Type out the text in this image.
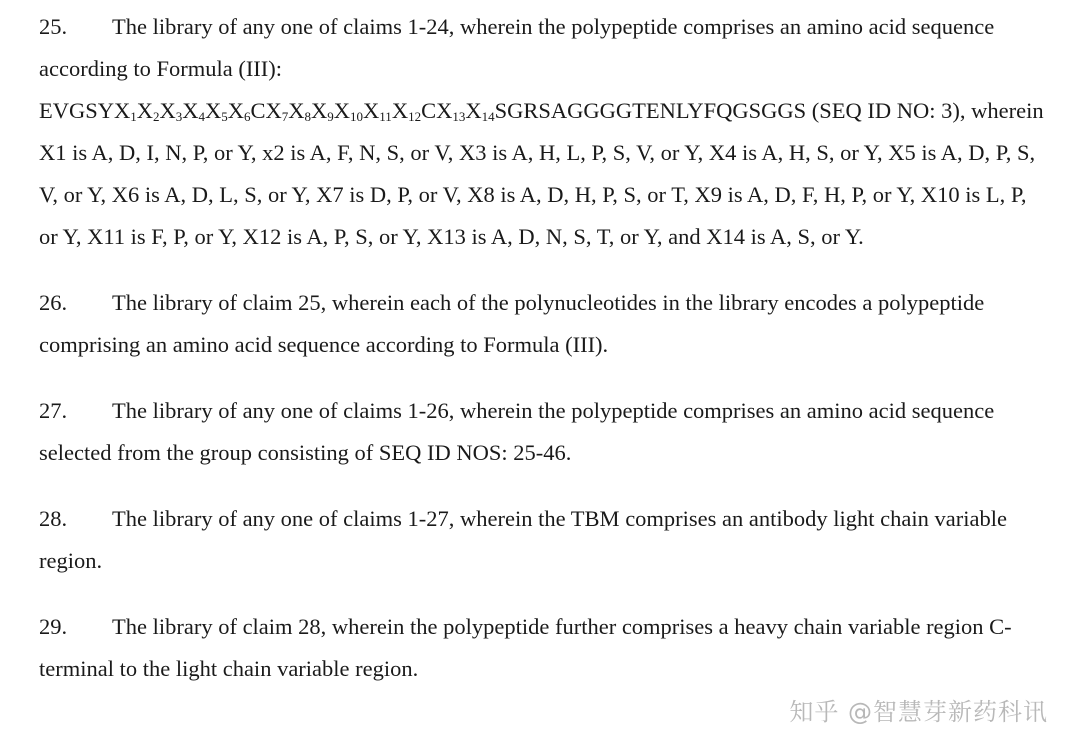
25. The library of any one of claims 1-24, wherein the polypeptide comprises an amino acid sequence according to Formula (III):
$EVGSYX_1X_2X_3X_4X_5X_6CX_7X_8X_9X_{10}X_{11}X_{12}CX_{13}X_{14}SGRSAGGGGTENLYFQGSGGS$ (SEQ ID NO: 3), wherein X1 is A, D, I, N, P, or Y, x2 is A, F, N, S, or V, X3 is A, H, L, P, S, V, or Y, X4 is A, H, S, or Y, X5 is A, D, P, S, V, or Y, X6 is A, D, L, S, or Y, X7 is D, P, or V, X8 is A, D, H, P, S, or T, X9 is A, D, F, H, P, or Y, X10 is L, P, or Y, X11 is F, P, or Y, X12 is A, P, S, or Y, X13 is A, D, N, S, T, or Y, and X14 is A, S, or Y.

26. The library of claim 25, wherein each of the polynucleotides in the library encodes a polypeptide comprising an amino acid sequence according to Formula (III).

27. The library of any one of claims 1-26, wherein the polypeptide comprises an amino acid sequence selected from the group consisting of SEQ ID NOS: 25-46.

28. The library of any one of claims 1-27, wherein the TBM comprises an antibody light chain variable region.

29. The library of claim 28, wherein the polypeptide further comprises a heavy chain variable region C-terminal to the light chain variable region.

知乎 @智慧芽新药科讯
